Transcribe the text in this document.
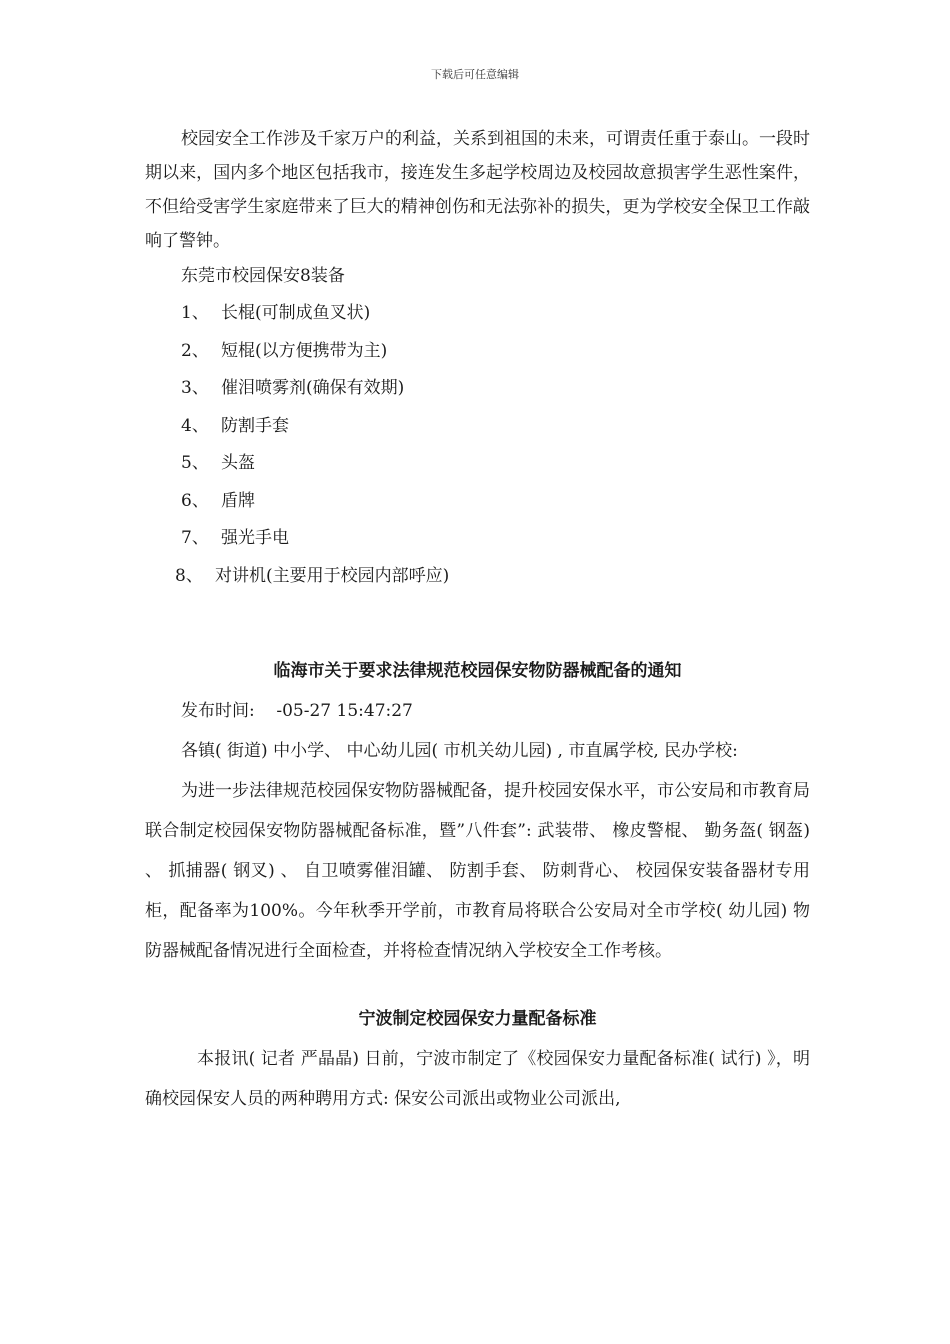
下载后可任意编辑

校园安全工作涉及千家万户的利益，关系到祖国的未来，可谓责任重于泰山。一段时期以来，国内多个地区包括我市，接连发生多起学校周边及校园故意损害学生恶性案件，不但给受害学生家庭带来了巨大的精神创伤和无法弥补的损失，更为学校安全保卫工作敲响了警钟。

东莞市校园保安8装备

1、 长棍(可制成鱼叉状)
2、 短棍(以方便携带为主)
3、 催泪喷雾剂(确保有效期)
4、 防割手套
5、 头盔
6、 盾牌
7、 强光手电
8、 对讲机(主要用于校园内部呼应)
临海市关于要求法律规范校园保安物防器械配备的通知

发布时间: -05-27 15:47:27

各镇( 街道) 中小学、 中心幼儿园( 市机关幼儿园) , 市直属学校, 民办学校:

为进一步法律规范校园保安物防器械配备，提升校园安保水平，市公安局和市教育局联合制定校园保安物防器械配备标准，暨”八件套”: 武装带、 橡皮警棍、 勤务盔( 钢盔) 、 抓捕器( 钢叉) 、 自卫喷雾催泪罐、 防割手套、 防刺背心、 校园保安装备器材专用柜，配备率为100%。今年秋季开学前，市教育局将联合公安局对全市学校( 幼儿园) 物防器械配备情况进行全面检查，并将检查情况纳入学校安全工作考核。

宁波制定校园保安力量配备标准

本报讯( 记者 严晶晶) 日前，宁波市制定了《校园保安力量配备标准( 试行) 》，明确校园保安人员的两种聘用方式: 保安公司派出或物业公司派出,
